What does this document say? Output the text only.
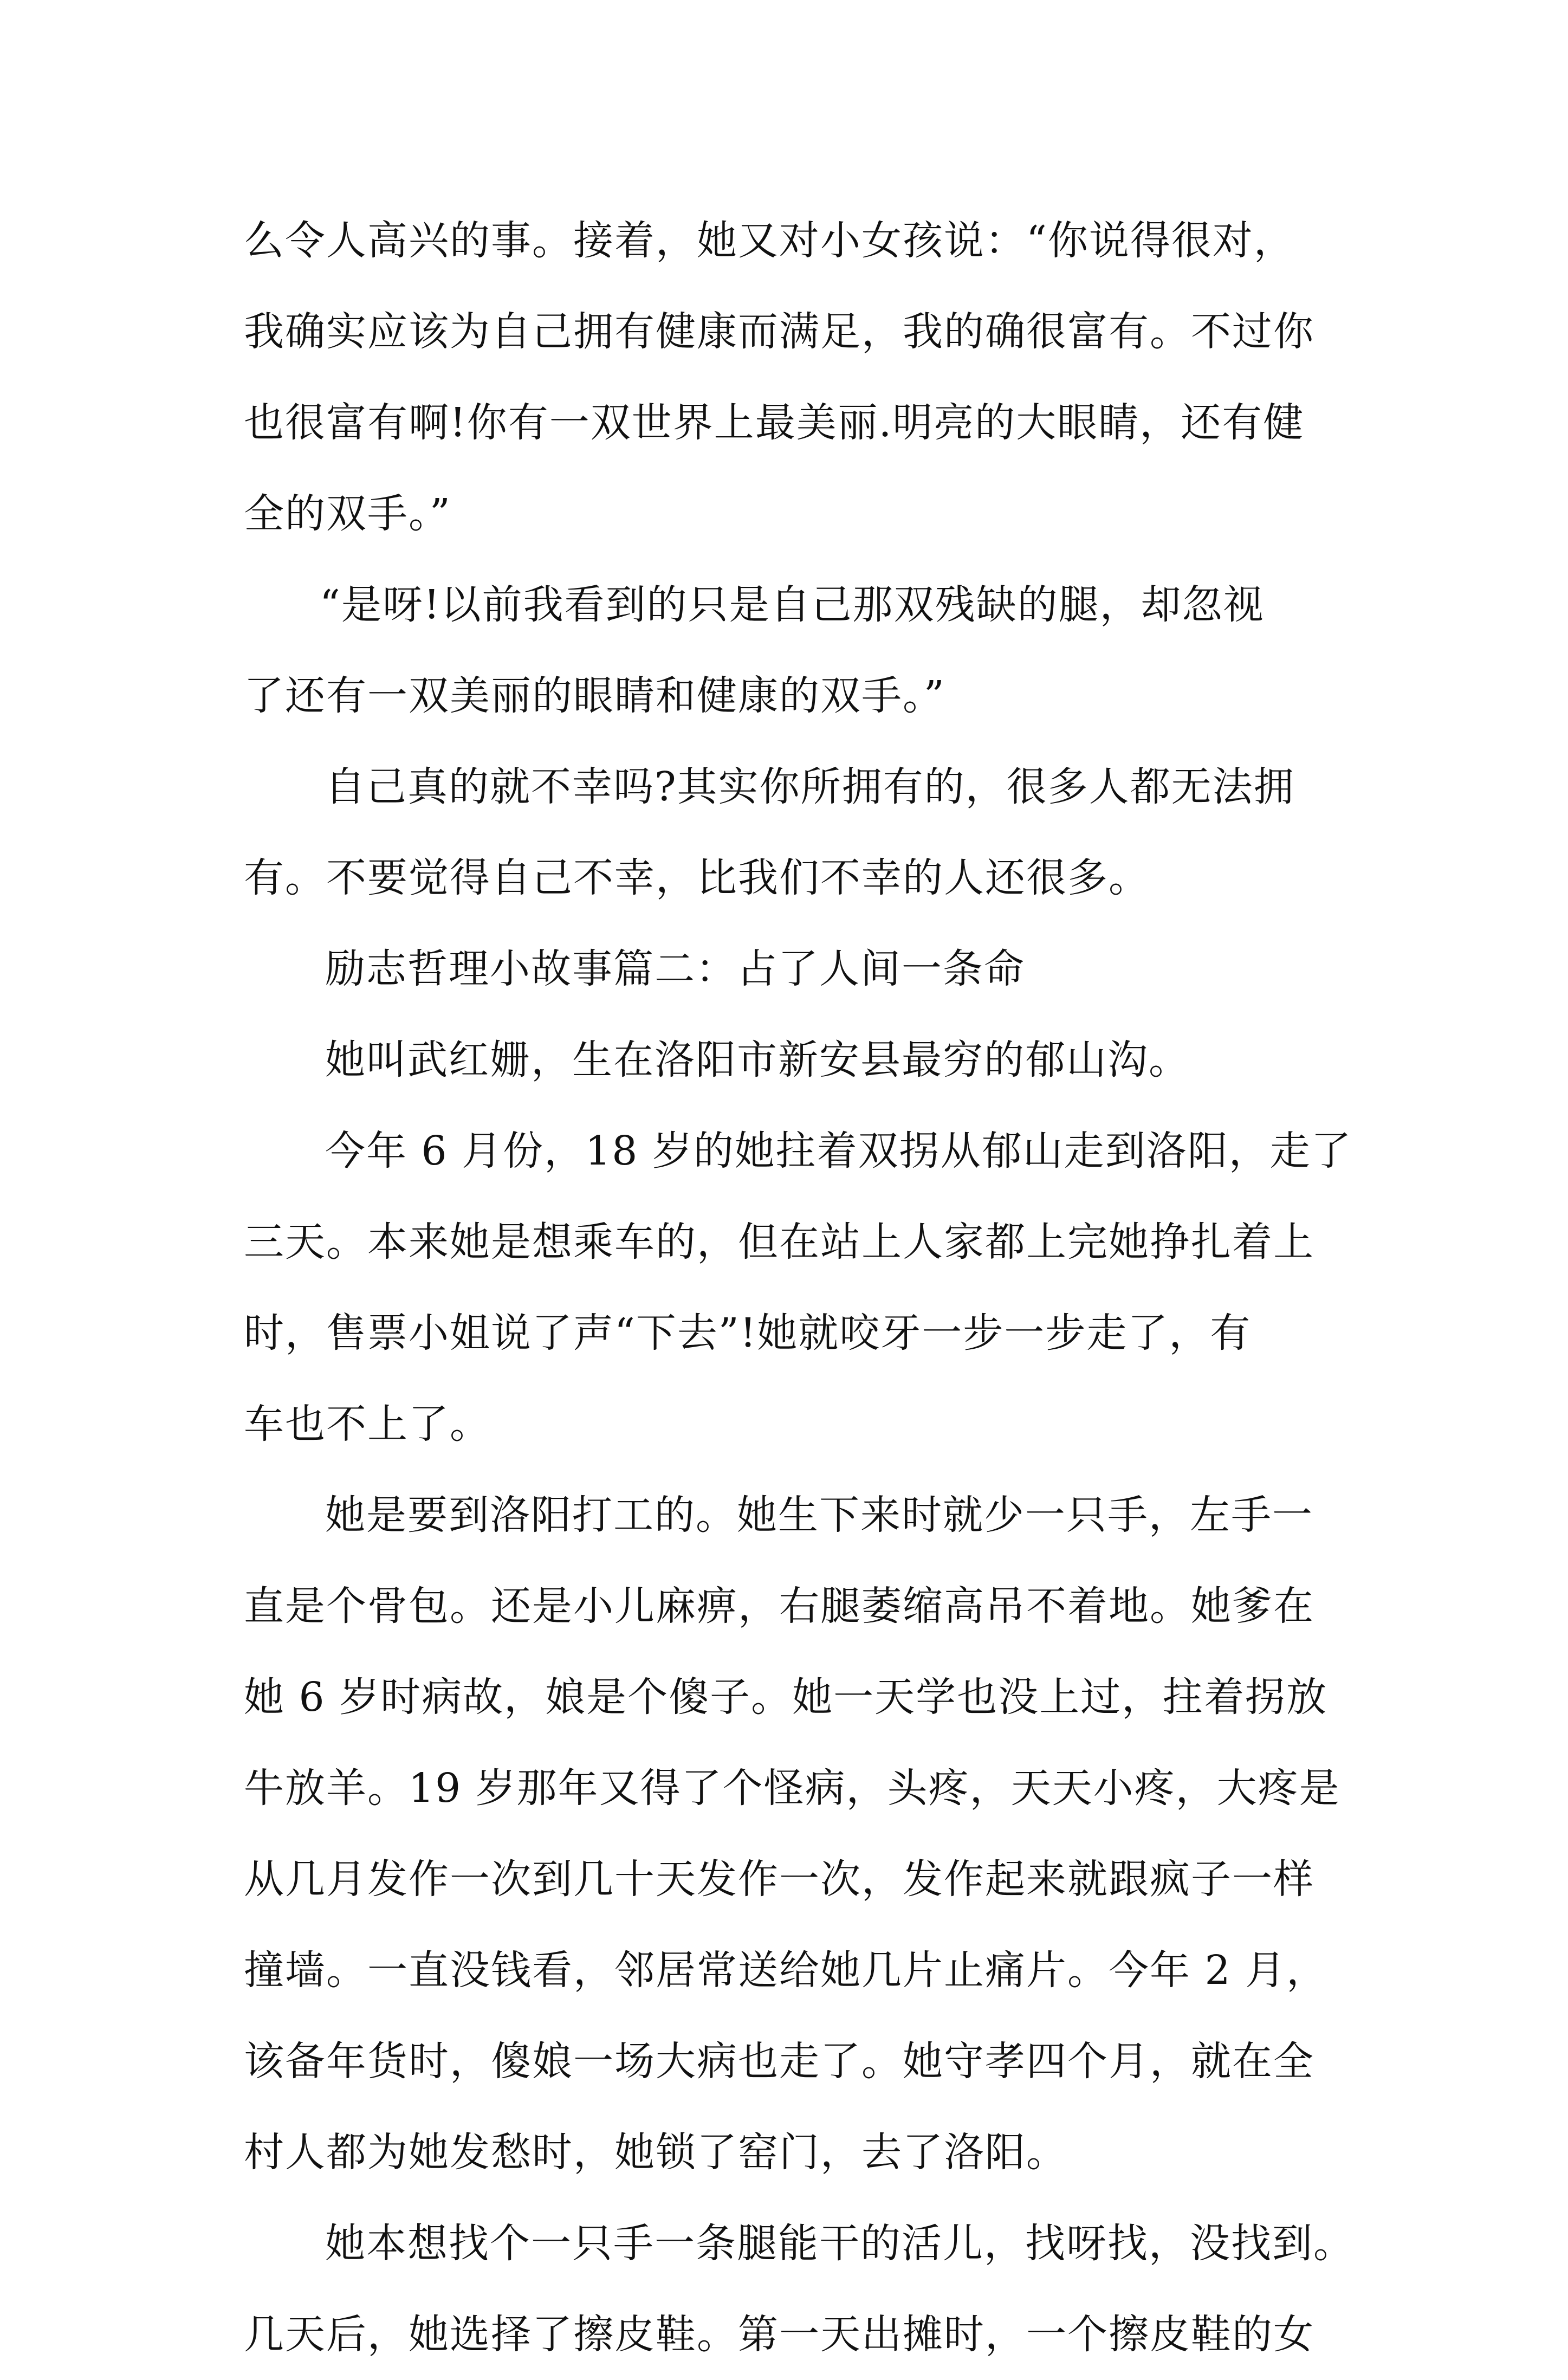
么令人高兴的事。接着，她又对小女孩说：“你说得很对，
我确实应该为自己拥有健康而满足，我的确很富有。不过你
也很富有啊!你有一双世界上最美丽.明亮的大眼睛，还有健
全的双手。”
“是呀!以前我看到的只是自己那双残缺的腿，却忽视
了还有一双美丽的眼睛和健康的双手。”
自己真的就不幸吗?其实你所拥有的，很多人都无法拥
有。不要觉得自己不幸，比我们不幸的人还很多。
励志哲理小故事篇二：占了人间一条命
她叫武红姗，生在洛阳市新安县最穷的郁山沟。
今年 6 月份，18 岁的她拄着双拐从郁山走到洛阳，走了
三天。本来她是想乘车的，但在站上人家都上完她挣扎着上
时，售票小姐说了声“下去”!她就咬牙一步一步走了，有
车也不上了。
她是要到洛阳打工的。她生下来时就少一只手，左手一
直是个骨包。还是小儿麻痹，右腿萎缩高吊不着地。她爹在
她 6 岁时病故，娘是个傻子。她一天学也没上过，拄着拐放
牛放羊。19 岁那年又得了个怪病，头疼，天天小疼，大疼是
从几月发作一次到几十天发作一次，发作起来就跟疯子一样
撞墙。一直没钱看，邻居常送给她几片止痛片。今年 2 月，
该备年货时，傻娘一场大病也走了。她守孝四个月，就在全
村人都为她发愁时，她锁了窑门，去了洛阳。
她本想找个一只手一条腿能干的活儿，找呀找，没找到。
几天后，她选择了擦皮鞋。第一天出摊时，一个擦皮鞋的女
